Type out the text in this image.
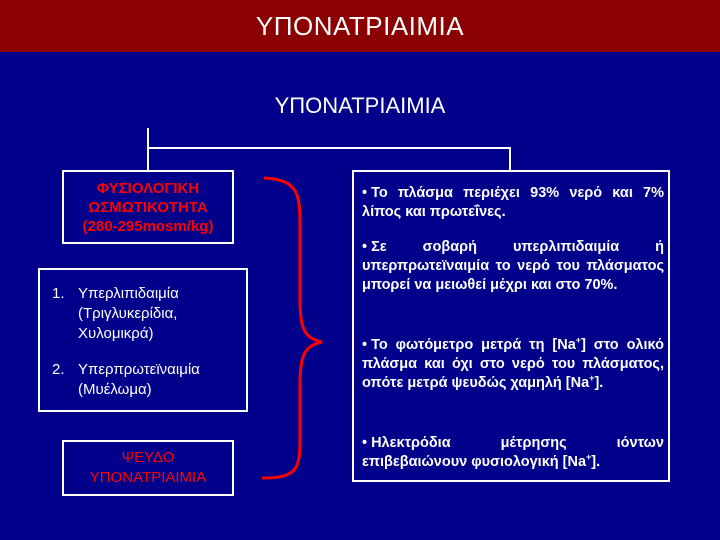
ΥΠΟΝΑΤΡΙΑΙΜΙΑ
ΥΠΟΝΑΤΡΙΑΙΜΙΑ
ΦΥΣΙΟΛΟΓΙΚΗ
ΩΣΜΩΤΙΚΟΤΗΤΑ
(280-295mosm/kg)
1. Υπερλιπιδαιμία (Τριγλυκερίδια, Χυλομικρά)
2. Υπερπρωτεϊναιμία (Μυέλωμα)
ΨΕΥΔΟ
ΥΠΟΝΑΤΡΙΑΙΜΙΑ
• Το πλάσμα περιέχει 93% νερό και 7% λίπος και πρωτεΐνες.
• Σε σοβαρή υπερλιπιδαιμία ή υπερπρωτεϊναιμία το νερό του πλάσματος μπορεί να μειωθεί μέχρι και στο 70%.
• Το φωτόμετρο μετρά τη [Na+] στο ολικό πλάσμα και όχι στο νερό του πλάσματος, οπότε μετρά ψευδώς χαμηλή [Na+].
• Ηλεκτρόδια μέτρησης ιόντων επιβεβαιώνουν φυσιολογική [Na+].
